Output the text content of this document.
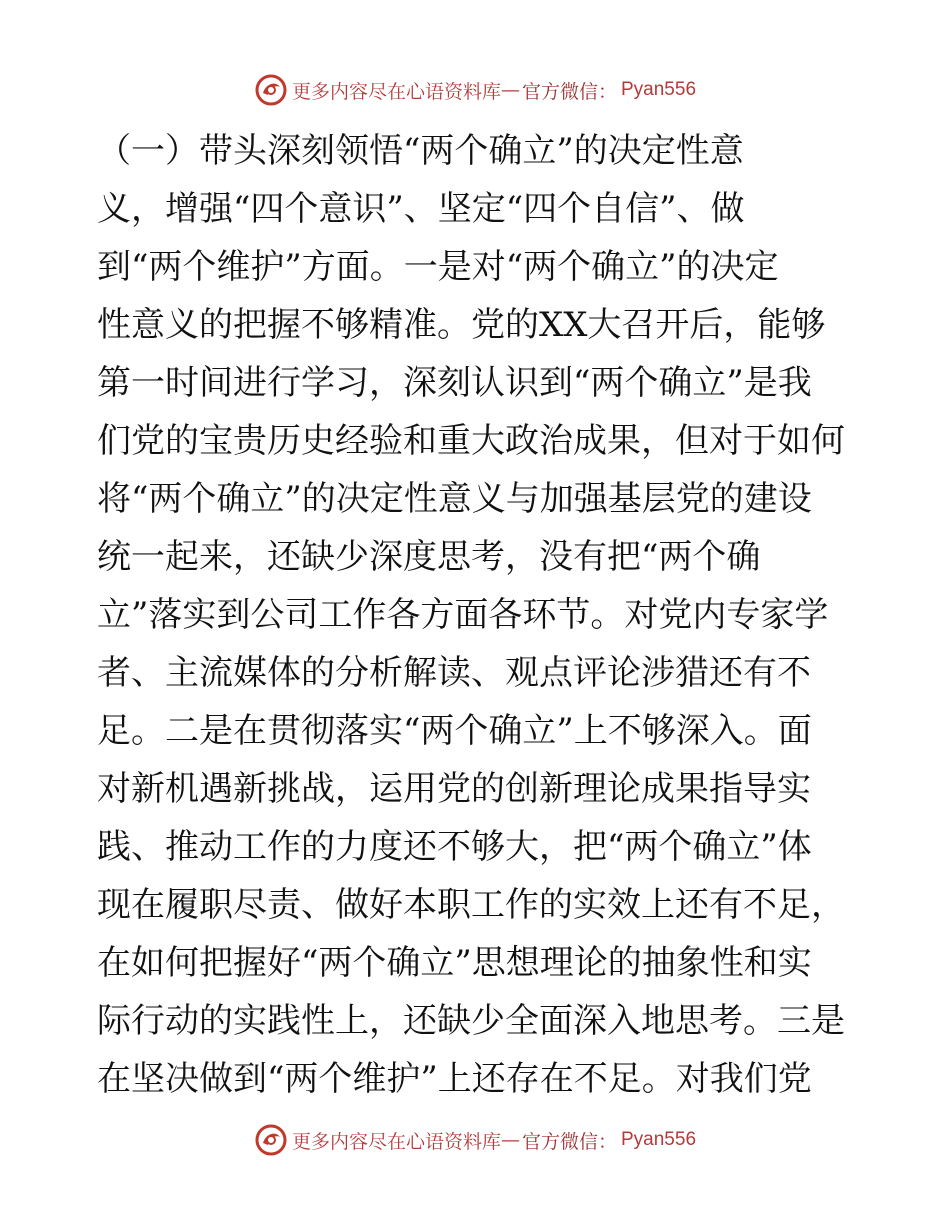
更多内容尽在心语资料库 — 官方微信： Pyan556
（一）带头深刻领悟“两个确立”的决定性意
义，增强“四个意识”、坚定“四个自信”、做
到“两个维护”方面。一是对“两个确立”的决定
性意义的把握不够精准。党的XX大召开后，能够
第一时间进行学习，深刻认识到“两个确立”是我
们党的宝贵历史经验和重大政治成果，但对于如何
将“两个确立”的决定性意义与加强基层党的建设
统一起来，还缺少深度思考，没有把“两个确
立”落实到公司工作各方面各环节。对党内专家学
者、主流媒体的分析解读、观点评论涉猎还有不
足。二是在贯彻落实“两个确立”上不够深入。面
对新机遇新挑战，运用党的创新理论成果指导实
践、推动工作的力度还不够大，把“两个确立”体
现在履职尽责、做好本职工作的实效上还有不足，
在如何把握好“两个确立”思想理论的抽象性和实
际行动的实践性上，还缺少全面深入地思考。三是
在坚决做到“两个维护”上还存在不足。对我们党
更多内容尽在心语资料库 — 官方微信： Pyan556
